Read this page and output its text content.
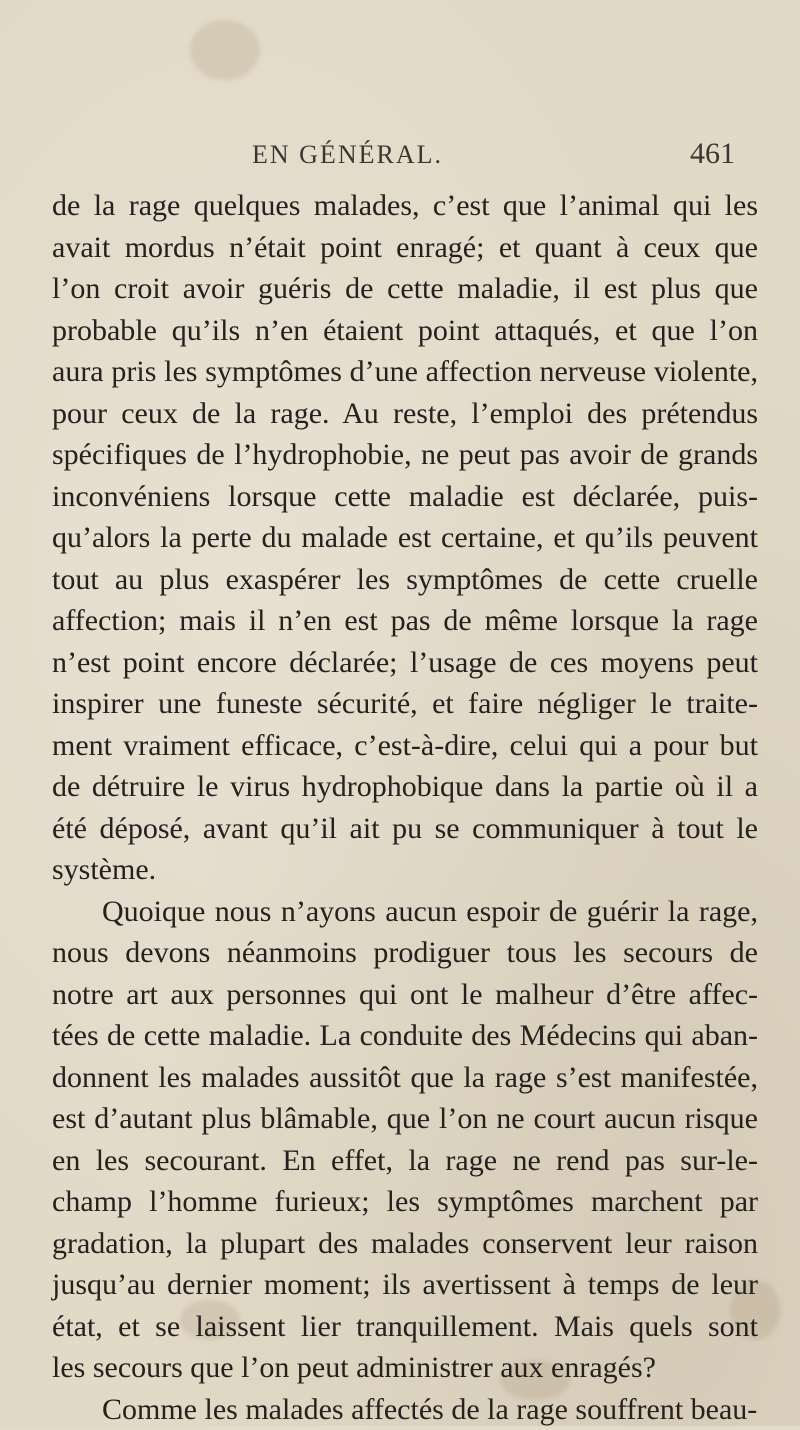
EN GÉNÉRAL.	461
de la rage quelques malades, c’est que l’animal qui les
avait mordus n’était point enragé; et quant à ceux que
l’on croit avoir guéris de cette maladie, il est plus que
probable qu’ils n’en étaient point attaqués, et que l’on
aura pris les symptômes d’une affection nerveuse violente,
pour ceux de la rage. Au reste, l’emploi des prétendus
spécifiques de l’hydrophobie, ne peut pas avoir de grands
inconvéniens lorsque cette maladie est déclarée, puis-
qu’alors la perte du malade est certaine, et qu’ils peuvent
tout au plus exaspérer les symptômes de cette cruelle
affection; mais il n’en est pas de même lorsque la rage
n’est point encore déclarée; l’usage de ces moyens peut
inspirer une funeste sécurité, et faire négliger le traite-
ment vraiment efficace, c’est-à-dire, celui qui a pour but
de détruire le virus hydrophobique dans la partie où il a
été déposé, avant qu’il ait pu se communiquer à tout le
système.
Quoique nous n’ayons aucun espoir de guérir la rage,
nous devons néanmoins prodiguer tous les secours de
notre art aux personnes qui ont le malheur d’être affec-
tées de cette maladie. La conduite des Médecins qui aban-
donnent les malades aussitôt que la rage s’est manifestée,
est d’autant plus blâmable, que l’on ne court aucun risque
en les secourant. En effet, la rage ne rend pas sur-le-
champ l’homme furieux; les symptômes marchent par
gradation, la plupart des malades conservent leur raison
jusqu’au dernier moment; ils avertissent à temps de leur
état, et se laissent lier tranquillement. Mais quels sont
les secours que l’on peut administrer aux enragés?
Comme les malades affectés de la rage souffrent beau-
